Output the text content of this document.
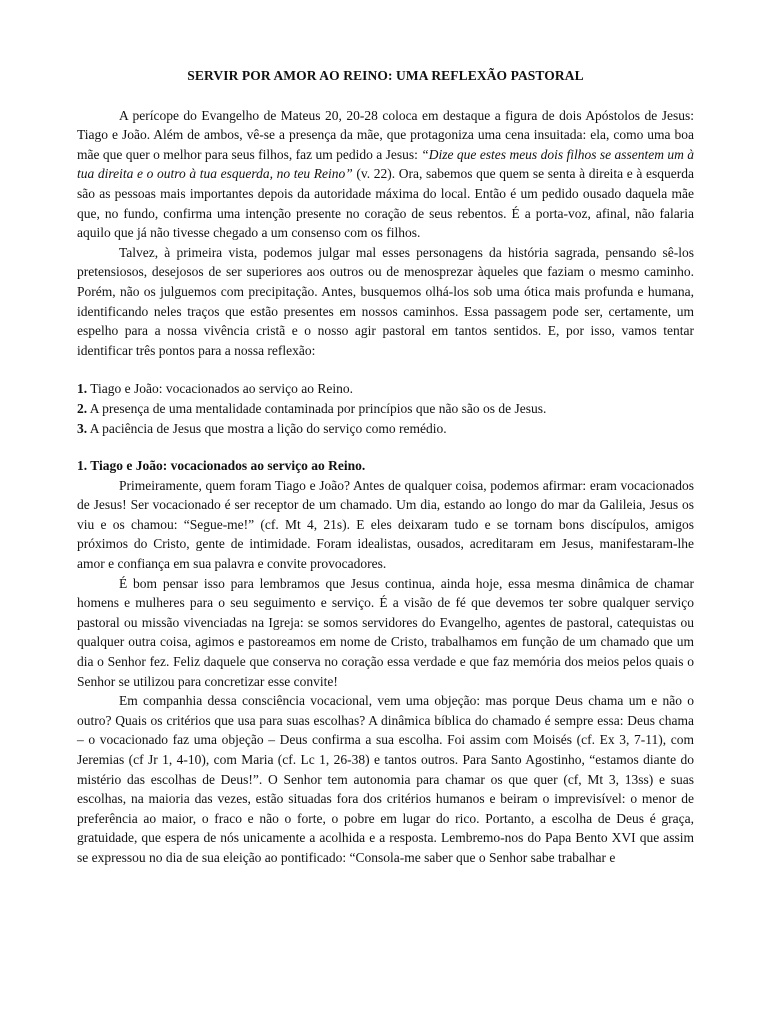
SERVIR POR AMOR AO REINO: UMA REFLEXÃO PASTORAL

A perícope do Evangelho de Mateus 20, 20-28 coloca em destaque a figura de dois Apóstolos de Jesus: Tiago e João. Além de ambos, vê-se a presença da mãe, que protagoniza uma cena insuitada: ela, como uma boa mãe que quer o melhor para seus filhos, faz um pedido a Jesus: “Dize que estes meus dois filhos se assentem um à tua direita e o outro à tua esquerda, no teu Reino” (v. 22). Ora, sabemos que quem se senta à direita e à esquerda são as pessoas mais importantes depois da autoridade máxima do local. Então é um pedido ousado daquela mãe que, no fundo, confirma uma intenção presente no coração de seus rebentos. É a porta-voz, afinal, não falaria aquilo que já não tivesse chegado a um consenso com os filhos.

Talvez, à primeira vista, podemos julgar mal esses personagens da história sagrada, pensando sê-los pretensiosos, desejosos de ser superiores aos outros ou de menosprezar àqueles que faziam o mesmo caminho. Porém, não os julguemos com precipitação. Antes, busquemos olhá-los sob uma ótica mais profunda e humana, identificando neles traços que estão presentes em nossos caminhos. Essa passagem pode ser, certamente, um espelho para a nossa vivência cristã e o nosso agir pastoral em tantos sentidos. E, por isso, vamos tentar identificar três pontos para a nossa reflexão:

1. Tiago e João: vocacionados ao serviço ao Reino.
2. A presença de uma mentalidade contaminada por princípios que não são os de Jesus.
3. A paciência de Jesus que mostra a lição do serviço como remédio.
1. Tiago e João: vocacionados ao serviço ao Reino.

Primeiramente, quem foram Tiago e João? Antes de qualquer coisa, podemos afirmar: eram vocacionados de Jesus! Ser vocacionado é ser receptor de um chamado. Um dia, estando ao longo do mar da Galileia, Jesus os viu e os chamou: “Segue-me!” (cf. Mt 4, 21s). E eles deixaram tudo e se tornam bons discípulos, amigos próximos do Cristo, gente de intimidade. Foram idealistas, ousados, acreditaram em Jesus, manifestaram-lhe amor e confiança em sua palavra e convite provocadores.

É bom pensar isso para lembramos que Jesus continua, ainda hoje, essa mesma dinâmica de chamar homens e mulheres para o seu seguimento e serviço. É a visão de fé que devemos ter sobre qualquer serviço pastoral ou missão vivenciadas na Igreja: se somos servidores do Evangelho, agentes de pastoral, catequistas ou qualquer outra coisa, agimos e pastoreamos em nome de Cristo, trabalhamos em função de um chamado que um dia o Senhor fez. Feliz daquele que conserva no coração essa verdade e que faz memória dos meios pelos quais o Senhor se utilizou para concretizar esse convite!

Em companhia dessa consciência vocacional, vem uma objeção: mas porque Deus chama um e não o outro? Quais os critérios que usa para suas escolhas? A dinâmica bíblica do chamado é sempre essa: Deus chama – o vocacionado faz uma objeção – Deus confirma a sua escolha. Foi assim com Moisés (cf. Ex 3, 7-11), com Jeremias (cf Jr 1, 4-10), com Maria (cf. Lc 1, 26-38) e tantos outros. Para Santo Agostinho, “estamos diante do mistério das escolhas de Deus!”. O Senhor tem autonomia para chamar os que quer (cf, Mt 3, 13ss) e suas escolhas, na maioria das vezes, estão situadas fora dos critérios humanos e beiram o imprevisível: o menor de preferência ao maior, o fraco e não o forte, o pobre em lugar do rico. Portanto, a escolha de Deus é graça, gratuidade, que espera de nós unicamente a acolhida e a resposta. Lembremo-nos do Papa Bento XVI que assim se expressou no dia de sua eleição ao pontificado: “Consola-me saber que o Senhor sabe trabalhar e
